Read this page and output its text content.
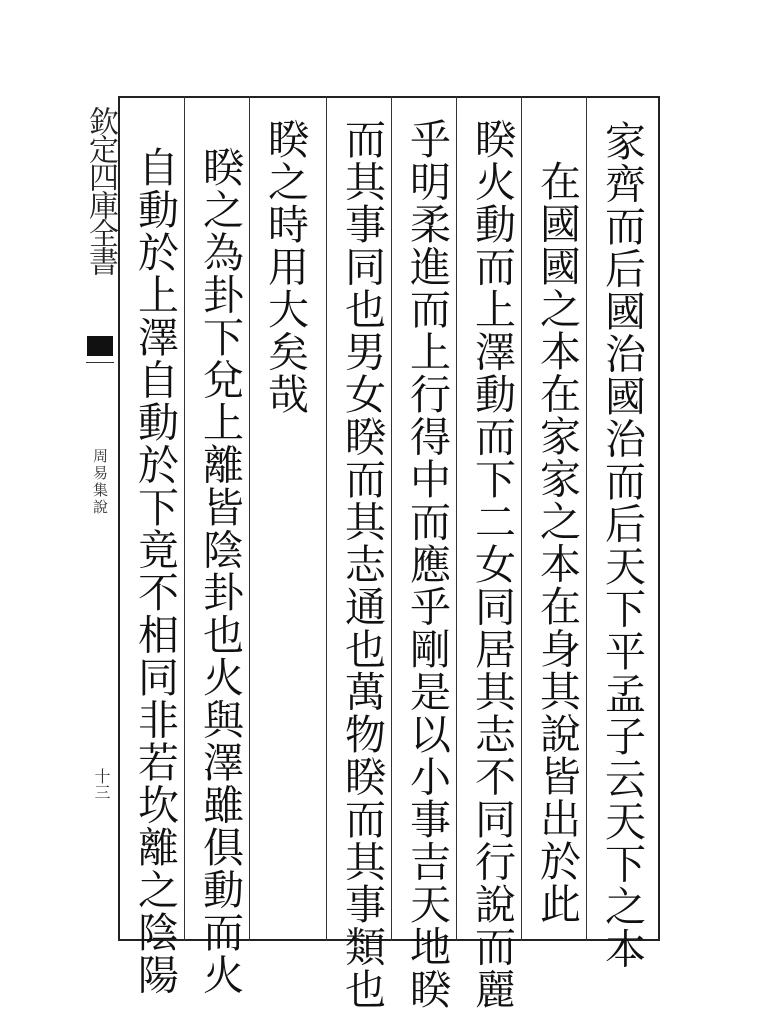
欽定四庫全書
周易集說
十三	家齊而后國治國治而后天下平孟子云天下之本
在國國之本在家家之本在身其說皆出於此
睽火動而上澤動而下二女同居其志不同行說而麗
乎明柔進而上行得中而應乎剛是以小事吉天地睽
而其事同也男女睽而其志通也萬物睽而其事類也
睽之時用大矣哉
睽之為卦下兌上離皆陰卦也火與澤雖俱動而火
自動於上澤自動於下竟不相同非若坎離之陰陽
